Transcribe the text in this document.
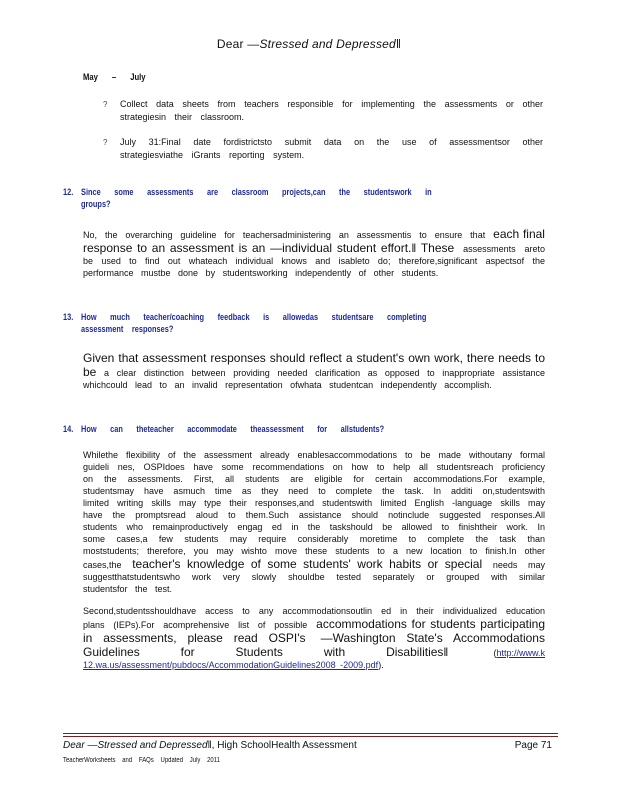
Dear —Stressed and Depressed‖
May – July
? Collect data sheets from teachers responsible for implementing the assessments or other strategiesin their classroom.
? July 31:Final date fordistrictsto submit data on the use of assessmentsor other strategiesviathe iGrants reporting system.
12. Since some assessments are classroom projects,can the studentswork in
groups?

No, the overarching guideline for teachersadministering an assessmentis to ensure that each final response to an assessment is an —individual student effort.‖ These assessments areto be used to find out whateach individual knows and isableto do; therefore,significant aspectsof the performance mustbe done by studentsworking independently of other students.

13. How much teacher/coaching feedback is allowedas studentsare completing
assessment responses?

Given that assessment responses should reflect a student's own work, there needs to be a clear distinction between providing needed clarification as opposed to inappropriate assistance whichcould lead to an invalid representation ofwhata studentcan independently accomplish.

14. How can theteacher accommodate theassessment for allstudents?

Whilethe flexibility of the assessment already enablesaccommodations to be made withoutany formal guideli nes, OSPIdoes have some recommendations on how to help all studentsreach proficiency on the assessments. First, all students are eligible for certain accommodations.For example, studentsmay have asmuch time as they need to complete the task. In additi on,studentswith limited writing skills may type their responses,and studentswith limited English -language skills may have the promptsread aloud to them.Such assistance should notinclude suggested responses.All students who remainproductively engag ed in the taskshould be allowed to finishtheir work. In some cases,a few students may require considerably moretime to complete the task than moststudents; therefore, you may wishto move these students to a new location to finish.In other cases,the teacher's knowledge of some students' work habits or special needs may suggestthatstudentswho work very slowly shouldbe tested separately or grouped with similar studentsfor the test.

Second,studentsshouldhave access to any accommodationsoutlin ed in their individualized education plans (IEPs).For acomprehensive list of possible accommodations for students participating in assessments, please read OSPI's —Washington State's Accommodations Guidelines for Students with Disabilities‖	(http://www.k 12.wa.us/assessment/pubdocs/AccommodationGuidelines2008 -2009.pdf).

Dear —Stressed and Depressed‖, High SchoolHealth Assessment	Page 71
TeacherWorksheets and FAQs Updated July 2011
